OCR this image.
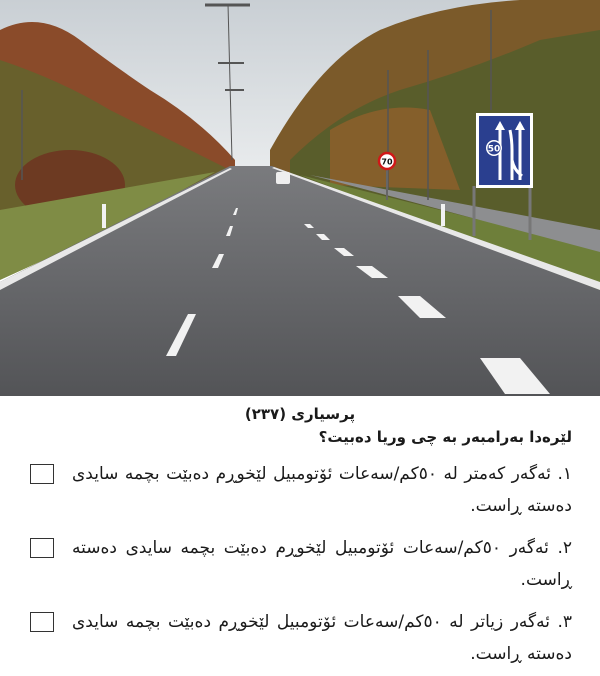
70
50
پرسیاری (٢٣٧)
لێرەدا بەرامبەر بە چی وریا دەبیت؟
١. ئەگەر کەمتر لە ٥٠کم/سەعات ئۆتومبیل لێخوڕم دەبێت بچمە سایدی دەستە ڕاست.
٢. ئەگەر ٥٠کم/سەعات ئۆتومبیل لێخوڕم دەبێت بچمە سایدی دەستە ڕاست.
٣. ئەگەر زیاتر لە ٥٠کم/سەعات ئۆتومبیل لێخوڕم دەبێت بچمە سایدی دەستە ڕاست.
